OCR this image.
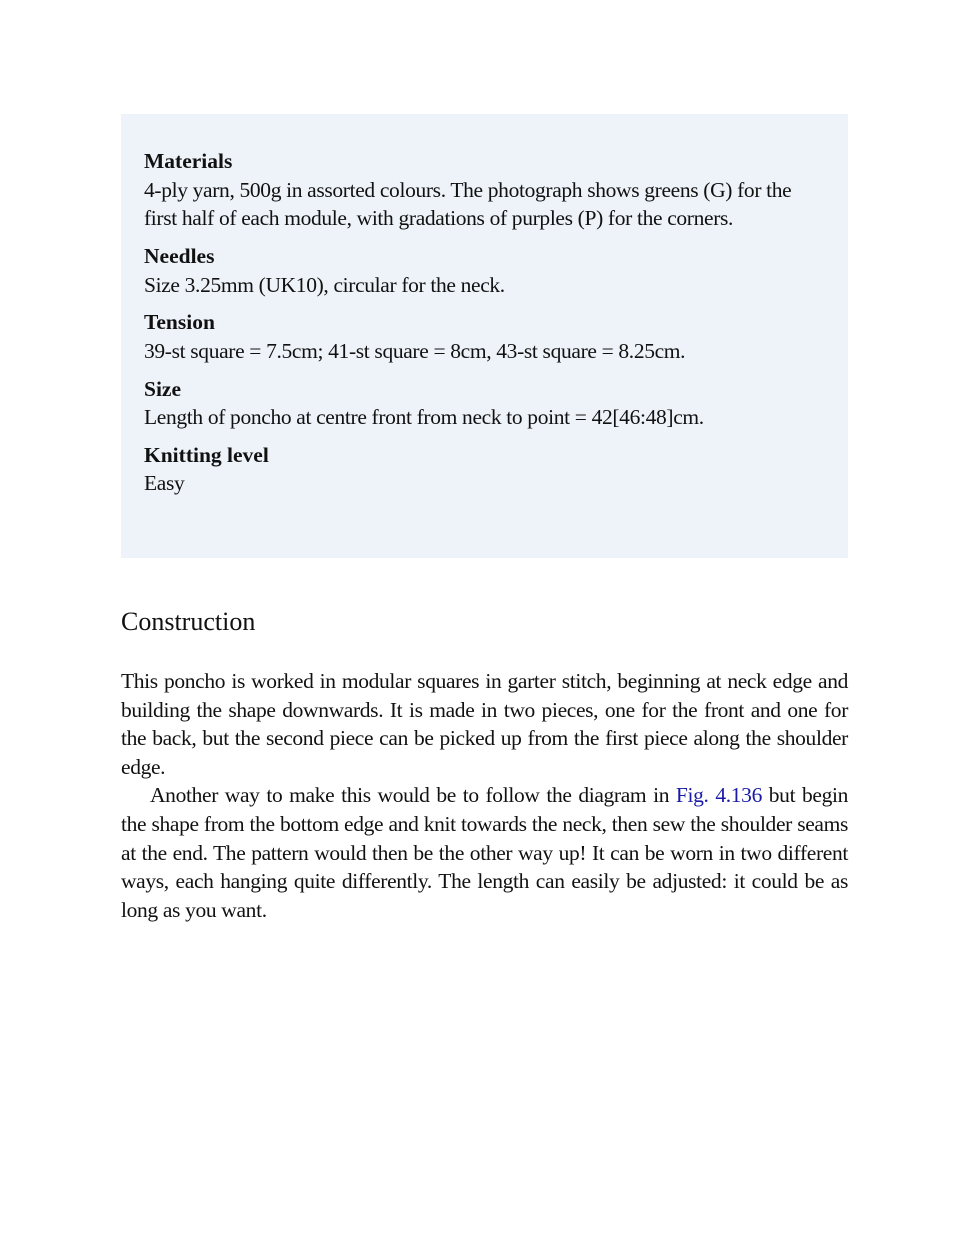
Materials

4-ply yarn, 500g in assorted colours. The photograph shows greens (G) for the first half of each module, with gradations of purples (P) for the corners.

Needles

Size 3.25mm (UK10), circular for the neck.

Tension

39-st square = 7.5cm; 41-st square = 8cm, 43-st square = 8.25cm.

Size

Length of poncho at centre front from neck to point = 42[46:48]cm.

Knitting level

Easy

Construction

This poncho is worked in modular squares in garter stitch, beginning at neck edge and building the shape downwards. It is made in two pieces, one for the front and one for the back, but the second piece can be picked up from the first piece along the shoulder edge.

Another way to make this would be to follow the diagram in Fig. 4.136 but begin the shape from the bottom edge and knit towards the neck, then sew the shoulder seams at the end. The pattern would then be the other way up! It can be worn in two different ways, each hanging quite differently. The length can easily be adjusted: it could be as long as you want.
